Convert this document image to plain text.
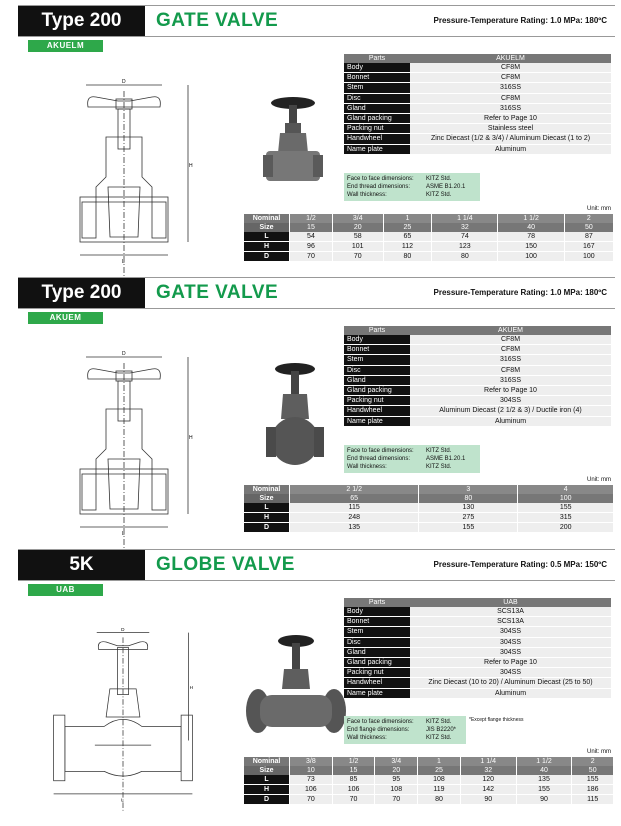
Type 200	GATE VALVE	Pressure-Temperature Rating: 1.0 MPa: 180ºC
AKUELM
D
H
L
Parts	AKUELM
Body	CF8M
Bonnet	CF8M
Stem	316SS
Disc	CF8M
Gland	316SS
Gland packing	Refer to Page 10
Packing nut	Stainless steel
Handwheel	Zinc Diecast (1/2 & 3/4) / Aluminum Diecast (1 to 2)
Name plate	Aluminum
Face to face dimensions:	KITZ Std.
End thread dimensions:	ASME B1.20.1
Wall thickness:	KITZ Std.
Unit: mm
Nominal	1/2	3/4	1	1 1/4	1 1/2	2
Size	15	20	25	32	40	50
L	54	58	65	74	78	87
H	96	101	112	123	150	167
D	70	70	80	80	100	100
Type 200	GATE VALVE	Pressure-Temperature Rating: 1.0 MPa: 180ºC
AKUEM
D
H
L
Parts	AKUEM
Body	CF8M
Bonnet	CF8M
Stem	316SS
Disc	CF8M
Gland	316SS
Gland packing	Refer to Page 10
Packing nut	304SS
Handwheel	Aluminum Diecast (2 1/2 & 3) / Ductile iron (4)
Name plate	Aluminum
Face to face dimensions:	KITZ Std.
End thread dimensions:	ASME B1.20.1
Wall thickness:	KITZ Std.
Unit: mm
Nominal	2 1/2	3	4
Size	65	80	100
L	115	130	155
H	248	275	315
D	135	155	200
5K	GLOBE VALVE	Pressure-Temperature Rating: 0.5 MPa: 150ºC
UAB
D
H
L
Parts	UAB
Body	SCS13A
Bonnet	SCS13A
Stem	304SS
Disc	304SS
Gland	304SS
Gland packing	Refer to Page 10
Packing nut	304SS
Handwheel	Zinc Diecast (10 to 20) / Aluminum Diecast (25 to 50)
Name plate	Aluminum
Face to face dimensions:	KITZ Std.
End flange dimensions:	JIS B2220*
Wall thickness:	KITZ Std.
*Except flange thickness
Unit: mm
Nominal	3/8	1/2	3/4	1	1 1/4	1 1/2	2
Size	10	15	20	25	32	40	50
L	73	85	95	108	120	135	155
H	106	106	108	119	142	155	186
D	70	70	70	80	90	90	115
